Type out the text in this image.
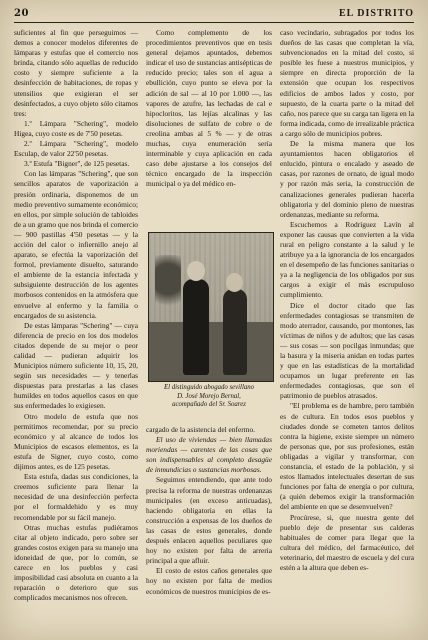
20	EL DISTRITO

suficientes al fin que perseguimos — demos a conocer modelos diferentes de lámparas y estufas que el comercio nos brinda, citando sólo aquellas de reducido costo y siempre suficiente a la desinfección de habitaciones, de ropas y utensilios que exigieran el ser desinfectados, a cuyo objeto sólo citamos tres:

1.º Lámpara "Schering", modelo Higea, cuyo coste es de 7'50 pesetas.

2.º Lámpara "Schering", modelo Esculap, de valor 22'50 pesetas.

3.º Estufa "Bigner", de 125 pesetas.

Con las lámparas "Schering", que son sencillos aparatos de vaporización a presión ordinaria, disponemos de un medio preventivo sumamente económico; en ellos, por simple solución de tabloides de a un gramo que nos brinda el comercio — 900 pastillas 4'50 pesetas — y la acción del calor o infiernillo anejo al aparato, se efectúa la vaporización del formol, previamente disuelto, saturando el ambiente de la estancia infectada y subsiguiente destrucción de los agentes morbosos contenidos en la atmósfera que envuelve al enfermo y la familia o encargados de su asistencia.

De estas lámparas "Schering" — cuya diferencia de precio en los dos modelos citados depende de su mejor o peor calidad — pudieran adquirir los Municipios número suficiente 10, 15, 20, según sus necesidades — y tenerlas dispuestas para prestarlas a las clases humildes en todos aquellos casos en que sus enfermedades lo exigiesen.

Otro modelo de estufa que nos permitimos recomendar, por su precio económico y al alcance de todos los Municipios de escasos elementos, es la estufa de Signer, cuyo costo, como dijimos antes, es de 125 pesetas.

Esta estufa, dadas sus condiciones, la creemos suficiente para llenar la necesidad de una desinfección perfecta por el formaldehido y es muy recomendable por su fácil manejo.

Otras muchas estufas pudiéramos citar al objeto indicado, pero sobre ser grandes costos exigen para su manejo una idoneidad de que, por lo común, se carece en los pueblos y casi imposibilidad casi absoluta en cuanto a la reparación o deterioro que sus complicados mecanismos nos ofrecen.

Como complemento de los procedimientos preventivos que en tesis general dejamos apuntados, debemos indicar el uso de sustancias antisépticas de reducido precio; tales son el agua a ebullición, cuyo punto se eleva por la adición de sal — al 10 por 1.000 —, las vapores de azufre, las lechadas de cal e hipocloritos, las lejías alcalinas y las disoluciones de sulfato de cobre o de creolina ambas al 5 % — y de otras muchas, cuya enumeración sería interminable y cuya aplicación en cada caso debe ajustarse a los consejos del técnico encargado de la inspección municipal o ya del médico en-

El distinguido abogado sevillano
D. José Morejo Bernal,
acompañado del Sr. Soarez

cargado de la asistencia del enfermo.

El uso de viviendas — bien llamadas moriendas — carentes de las cosas que son indispensables al completo desagüe de inmundicias o sustancias morbosas.

Seguimos entendiendo, que ante todo precisa la reforma de nuestras ordenanzas municipales (en exceso anticuadas), haciendo obligatoria en ellas la construcción a expensas de los dueños de las casas de estos generales, donde después enlacen aquellos peculiares que hoy no existen por falta de arreria principal a que afluir.

El costo de estos caños generales que hoy no existen por falta de medios económicos de nuestros municipios de es-

caso vecindario, subragados por todos los dueños de las casas que completan la vía, subvencionados en la mitad del costo, si posible les fuese a nuestros municipios, y siempre en directa proporción de la extensión que ocupan los respectivos edificios de ambos lados y costo, por supuesto, de la cuarta parte o la mitad del caño, nos parece que su carga tan ligera en la forma indicada, como de irrealizable práctica a cargo sólo de municipios pobres.

De la misma manera que los ayuntamientos hacen obligatorios el enlucido, pintura o encalado y aseado de casas, por razones de ornato, de igual modo y por razón más seria, la construcción de canalizaciones generales pudieran hacerla obligatoria y del dominio pleno de nuestras ordenanzas, mediante su reforma.

Escuchemos a Rodríguez Lavín al exponer las causas que convierten a la vida rural en peligro constante a la salud y le atribuye ya a la ignorancia de los encargados en el desempeño de las funciones sanitarias o ya a la negligencia de los obligados por sus cargos a exigir el más escrupuloso cumplimiento.

Dice el doctor citado que las enfermedades contagiosas se transmiten de modo aterrador, causando, por montones, las víctimas de niños y de adultos; que las casas — sus cosas — son pocilgas inmundas; que la basura y la miseria anidan en todas partes y que en las estadísticas de la mortalidad ocupamos un lugar preferente en las enfermedades contagiosas, que son el patrimonio de pueblos atrasados.

"El problema es de hambre, pero también es de cultura. En todos esos pueblos y ciudades donde se cometen tantos delitos contra la higiene, existe siempre un número de personas que, por sus profesiones, están obligadas a vigilar y transformar, con constancia, el estado de la población, y si estos llamados intelectuales desertan de sus funciones por falta de energía o por cultura, (a quién debemos exigir la transformación del ambiente en que se desenvuelven?

Procúrese, si, que nuestra gente del pueblo deje de presentar sus calderas habituales de comer para llegar que la cultura del médico, del farmacéutico, del veterinario, del maestro de escuela y del cura estén a la altura que deben es-
